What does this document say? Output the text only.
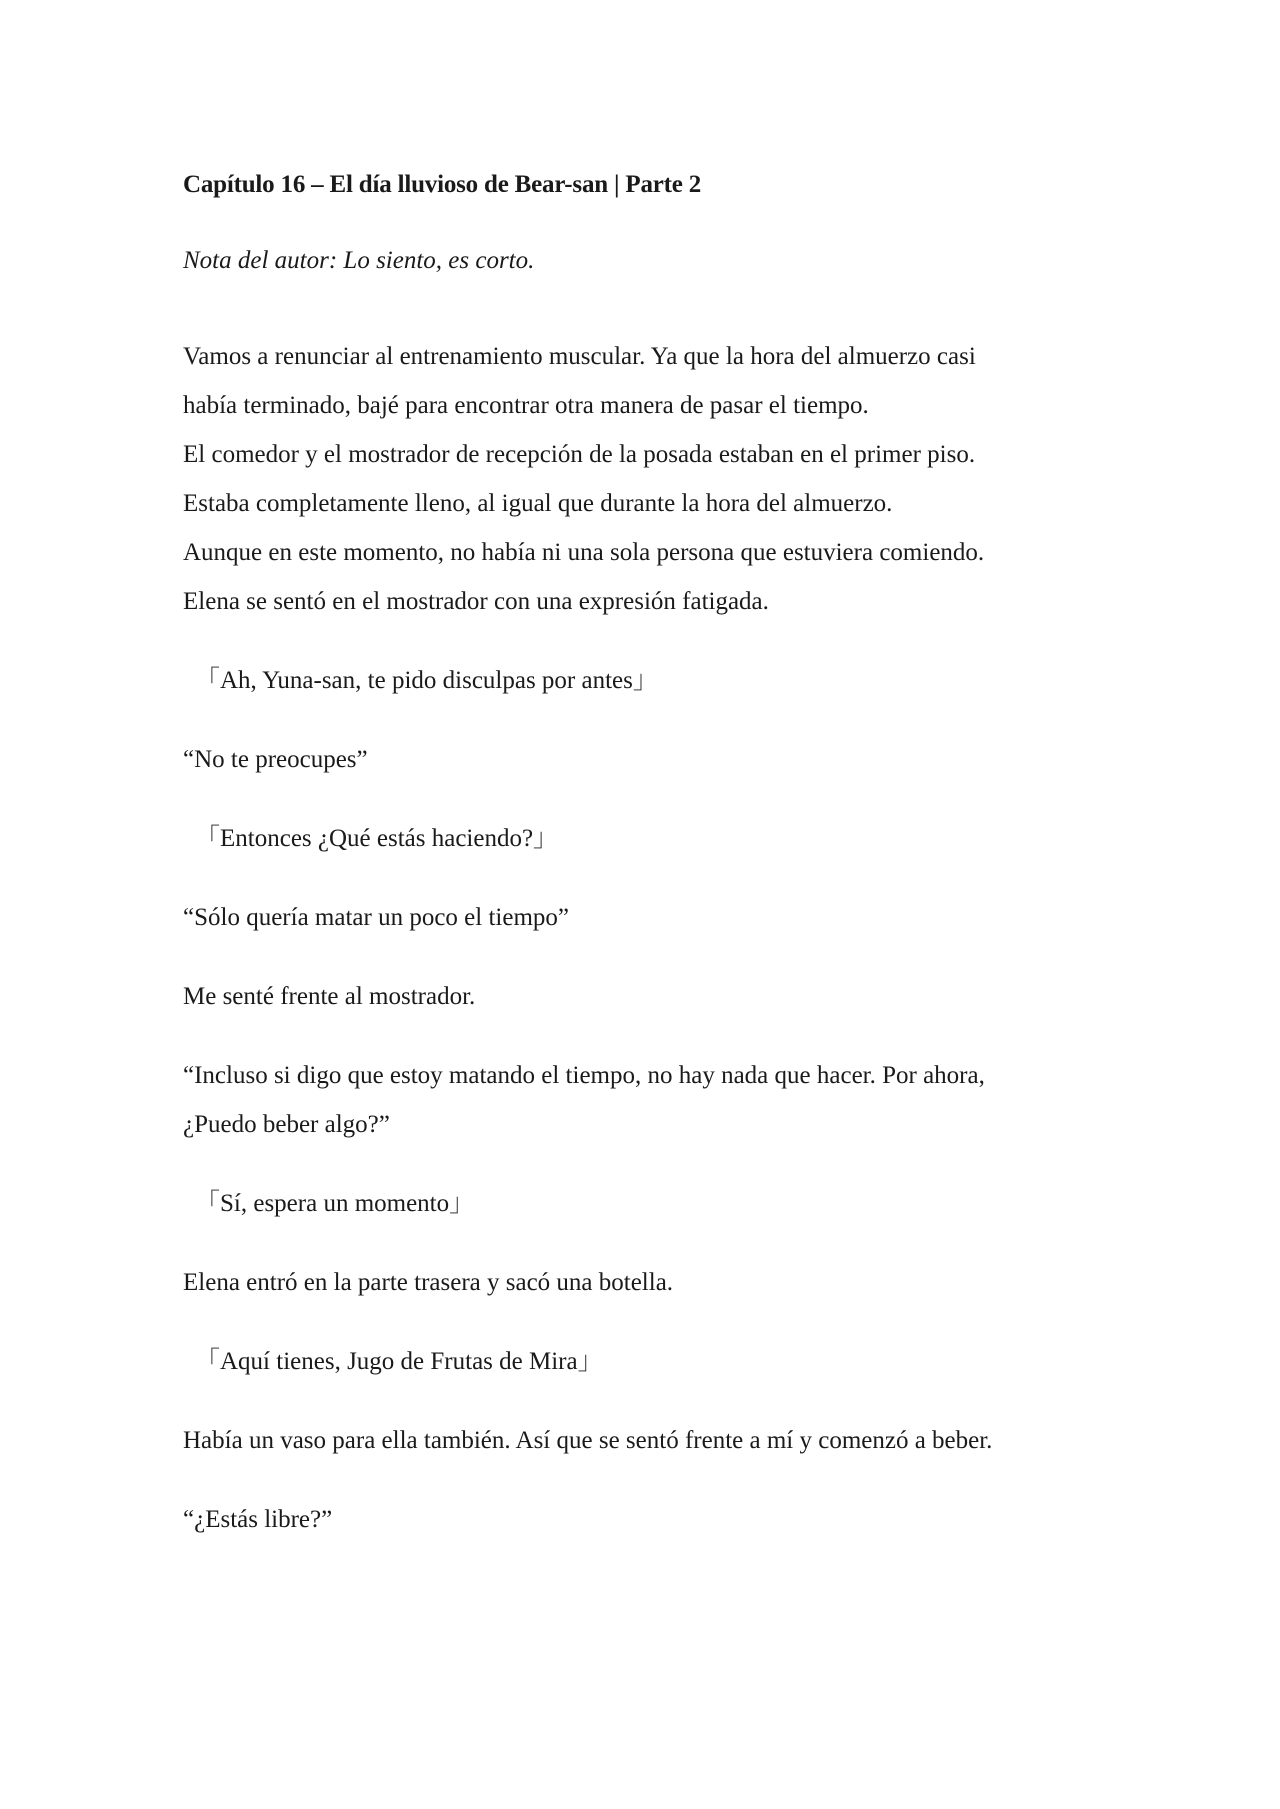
Capítulo 16 – El día lluvioso de Bear-san | Parte 2

Nota del autor: Lo siento, es corto.

Vamos a renunciar al entrenamiento muscular. Ya que la hora del almuerzo casi
había terminado, bajé para encontrar otra manera de pasar el tiempo.
El comedor y el mostrador de recepción de la posada estaban en el primer piso.
Estaba completamente lleno, al igual que durante la hora del almuerzo.
Aunque en este momento, no había ni una sola persona que estuviera comiendo.
Elena se sentó en el mostrador con una expresión fatigada.

「Ah, Yuna-san, te pido disculpas por antes」

“No te preocupes”

「Entonces ¿Qué estás haciendo?」

“Sólo quería matar un poco el tiempo”

Me senté frente al mostrador.

“Incluso si digo que estoy matando el tiempo, no hay nada que hacer. Por ahora,
¿Puedo beber algo?”

「Sí, espera un momento」

Elena entró en la parte trasera y sacó una botella.

「Aquí tienes, Jugo de Frutas de Mira」

Había un vaso para ella también. Así que se sentó frente a mí y comenzó a beber.

“¿Estás libre?”
